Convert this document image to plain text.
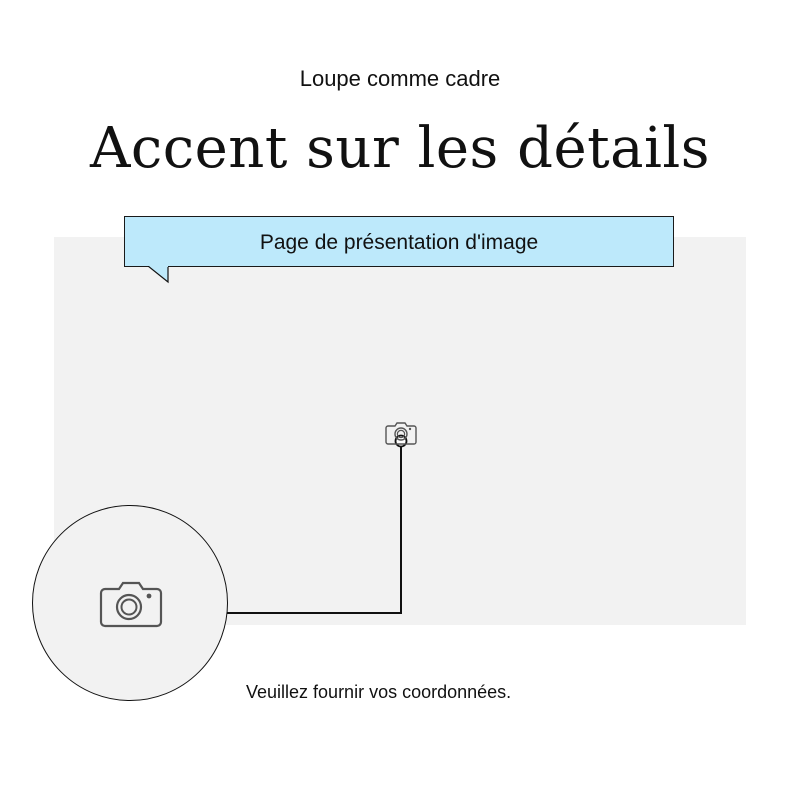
Loupe comme cadre
Accent sur les détails
Page de présentation d'image
Veuillez fournir vos coordonnées.
